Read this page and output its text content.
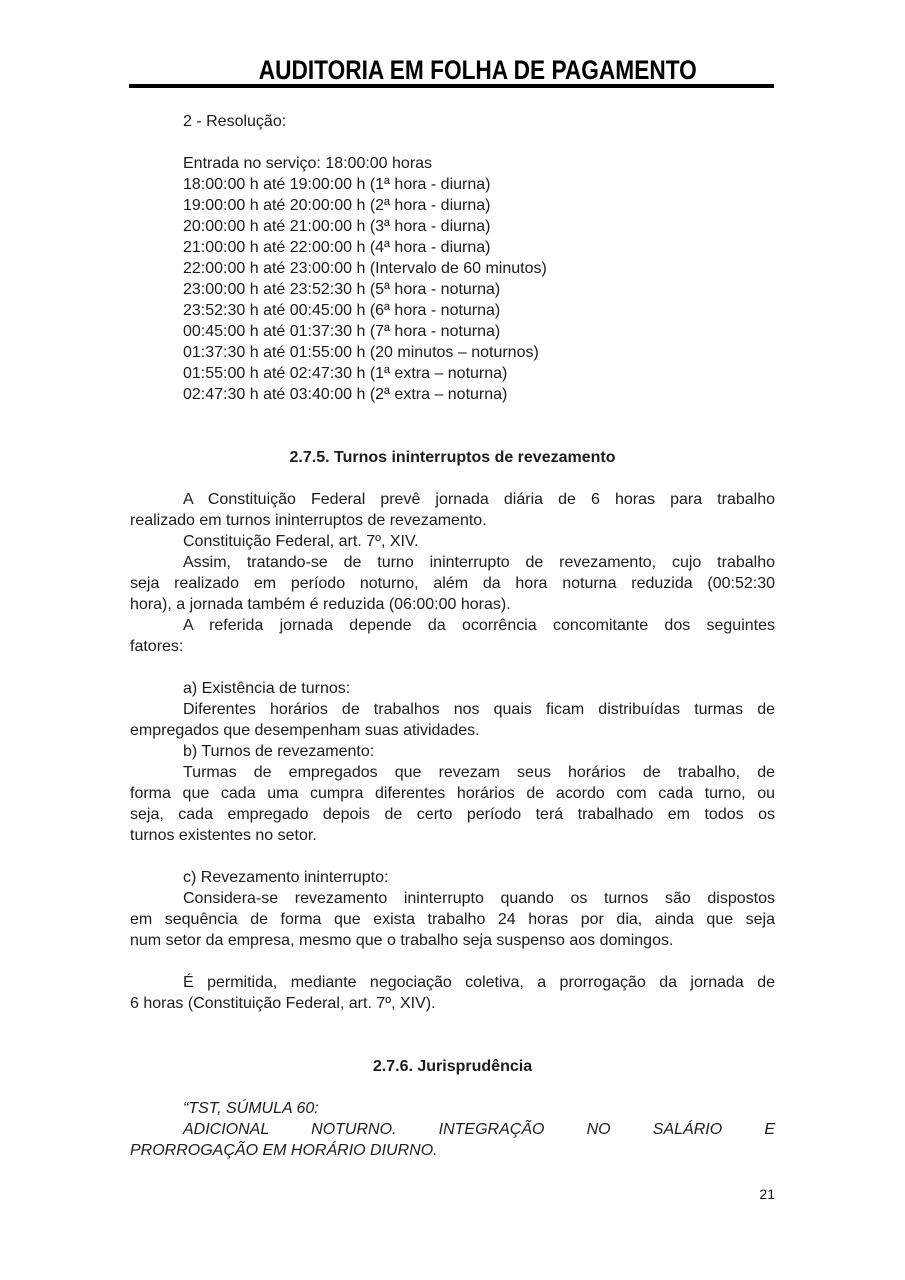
AUDITORIA EM FOLHA DE PAGAMENTO
2 - Resolução:
Entrada no serviço: 18:00:00 horas
18:00:00 h até 19:00:00 h (1ª hora - diurna)
19:00:00 h até 20:00:00 h (2ª hora - diurna)
20:00:00 h até 21:00:00 h (3ª hora - diurna)
21:00:00 h até 22:00:00 h (4ª hora - diurna)
22:00:00 h até 23:00:00 h (Intervalo de 60 minutos)
23:00:00 h até 23:52:30 h (5ª hora - noturna)
23:52:30 h até 00:45:00 h (6ª hora - noturna)
00:45:00 h até 01:37:30 h (7ª hora - noturna)
01:37:30 h até 01:55:00 h (20 minutos – noturnos)
01:55:00 h até 02:47:30 h (1ª extra – noturna)
02:47:30 h até 03:40:00 h (2ª extra – noturna)
2.7.5. Turnos ininterruptos de revezamento
A Constituição Federal prevê jornada diária de 6 horas para trabalho
realizado em turnos ininterruptos de revezamento.
Constituição Federal, art. 7º, XIV.
Assim, tratando-se de turno ininterrupto de revezamento, cujo trabalho
seja realizado em período noturno, além da hora noturna reduzida (00:52:30
hora), a jornada também é reduzida (06:00:00 horas).
A referida jornada depende da ocorrência concomitante dos seguintes
fatores:
a) Existência de turnos:
Diferentes horários de trabalhos nos quais ficam distribuídas turmas de
empregados que desempenham suas atividades.
b) Turnos de revezamento:
Turmas de empregados que revezam seus horários de trabalho, de
forma que cada uma cumpra diferentes horários de acordo com cada turno, ou
seja, cada empregado depois de certo período terá trabalhado em todos os
turnos existentes no setor.
c) Revezamento ininterrupto:
Considera-se revezamento ininterrupto quando os turnos são dispostos
em sequência de forma que exista trabalho 24 horas por dia, ainda que seja
num setor da empresa, mesmo que o trabalho seja suspenso aos domingos.
É permitida, mediante negociação coletiva, a prorrogação da jornada de
6 horas (Constituição Federal, art. 7º, XIV).
2.7.6. Jurisprudência
“TST, SÚMULA 60:
ADICIONAL NOTURNO. INTEGRAÇÃO NO SALÁRIO E
PRORROGAÇÃO EM HORÁRIO DIURNO.
21
